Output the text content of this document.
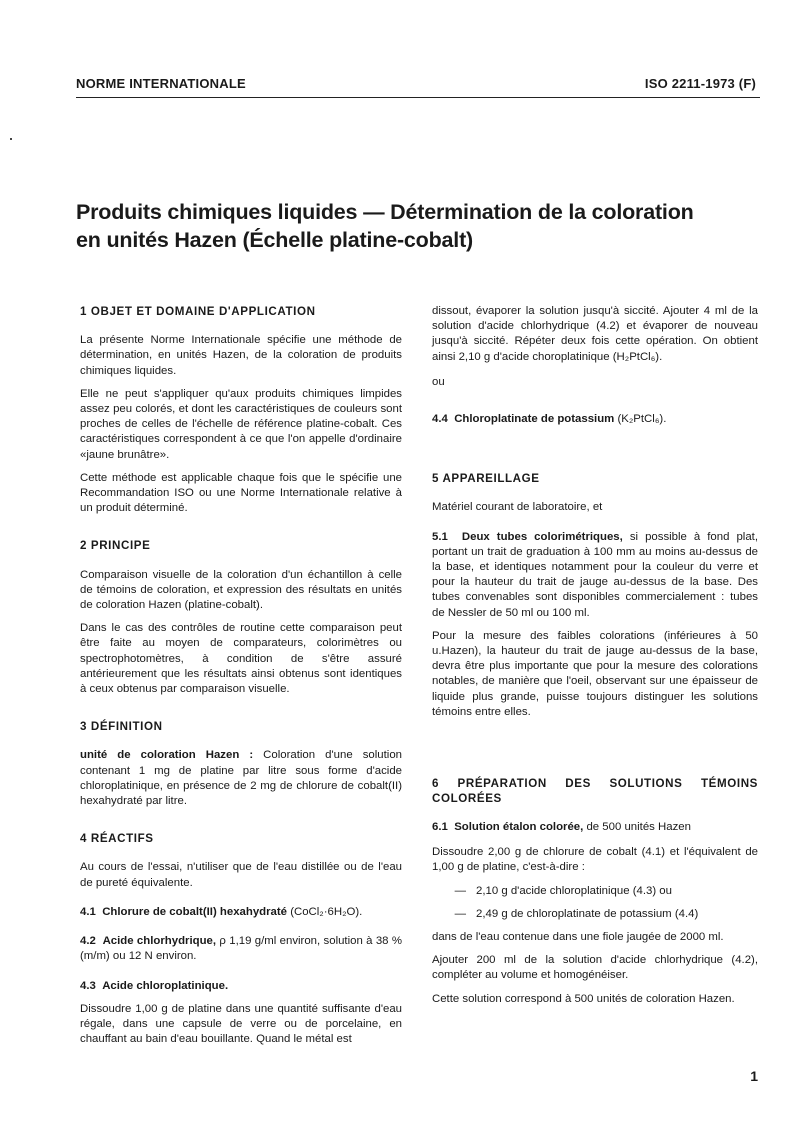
NORME INTERNATIONALE	ISO 2211-1973 (F)
Produits chimiques liquides — Détermination de la coloration
en unités Hazen (Échelle platine-cobalt)
1 OBJET ET DOMAINE D'APPLICATION

La présente Norme Internationale spécifie une méthode de détermination, en unités Hazen, de la coloration de produits chimiques liquides.

Elle ne peut s'appliquer qu'aux produits chimiques limpides assez peu colorés, et dont les caractéristiques de couleurs sont proches de celles de l'échelle de référence platine-cobalt. Ces caractéristiques correspondent à ce que l'on appelle d'ordinaire «jaune brunâtre».

Cette méthode est applicable chaque fois que le spécifie une Recommandation ISO ou une Norme Internationale relative à un produit déterminé.

2 PRINCIPE

Comparaison visuelle de la coloration d'un échantillon à celle de témoins de coloration, et expression des résultats en unités de coloration Hazen (platine-cobalt).

Dans le cas des contrôles de routine cette comparaison peut être faite au moyen de comparateurs, colorimètres ou spectrophotomètres, à condition de s'être assuré antérieurement que les résultats ainsi obtenus sont identiques à ceux obtenus par comparaison visuelle.

3 DÉFINITION

unité de coloration Hazen : Coloration d'une solution contenant 1 mg de platine par litre sous forme d'acide chloroplatinique, en présence de 2 mg de chlorure de cobalt(II) hexahydraté par litre.

4 RÉACTIFS

Au cours de l'essai, n'utiliser que de l'eau distillée ou de l'eau de pureté équivalente.

4.1 Chlorure de cobalt(II) hexahydraté (CoCl₂·6H₂O).

4.2 Acide chlorhydrique, ρ 1,19 g/ml environ, solution à 38 % (m/m) ou 12 N environ.

4.3 Acide chloroplatinique.

Dissoudre 1,00 g de platine dans une quantité suffisante d'eau régale, dans une capsule de verre ou de porcelaine, en chauffant au bain d'eau bouillante. Quand le métal est

dissout, évaporer la solution jusqu'à siccité. Ajouter 4 ml de la solution d'acide chlorhydrique (4.2) et évaporer de nouveau jusqu'à siccité. Répéter deux fois cette opération. On obtient ainsi 2,10 g d'acide choroplatinique (H₂PtCl₆).

ou

4.4 Chloroplatinate de potassium (K₂PtCl₆).

5 APPAREILLAGE

Matériel courant de laboratoire, et

5.1 Deux tubes colorimétriques, si possible à fond plat, portant un trait de graduation à 100 mm au moins au-dessus de la base, et identiques notamment pour la couleur du verre et pour la hauteur du trait de jauge au-dessus de la base. Des tubes convenables sont disponibles commercialement : tubes de Nessler de 50 ml ou 100 ml.

Pour la mesure des faibles colorations (inférieures à 50 u.Hazen), la hauteur du trait de jauge au-dessus de la base, devra être plus importante que pour la mesure des colorations notables, de manière que l'oeil, observant sur une épaisseur de liquide plus grande, puisse toujours distinguer les solutions témoins entre elles.

6 PRÉPARATION DES SOLUTIONS TÉMOINS COLORÉES

6.1 Solution étalon colorée, de 500 unités Hazen

Dissoudre 2,00 g de chlorure de cobalt (4.1) et l'équivalent de 1,00 g de platine, c'est-à-dire :

— 2,10 g d'acide chloroplatinique (4.3) ou
— 2,49 g de chloroplatinate de potassium (4.4)

dans de l'eau contenue dans une fiole jaugée de 2000 ml.

Ajouter 200 ml de la solution d'acide chlorhydrique (4.2), compléter au volume et homogénéiser.

Cette solution correspond à 500 unités de coloration Hazen.

1
